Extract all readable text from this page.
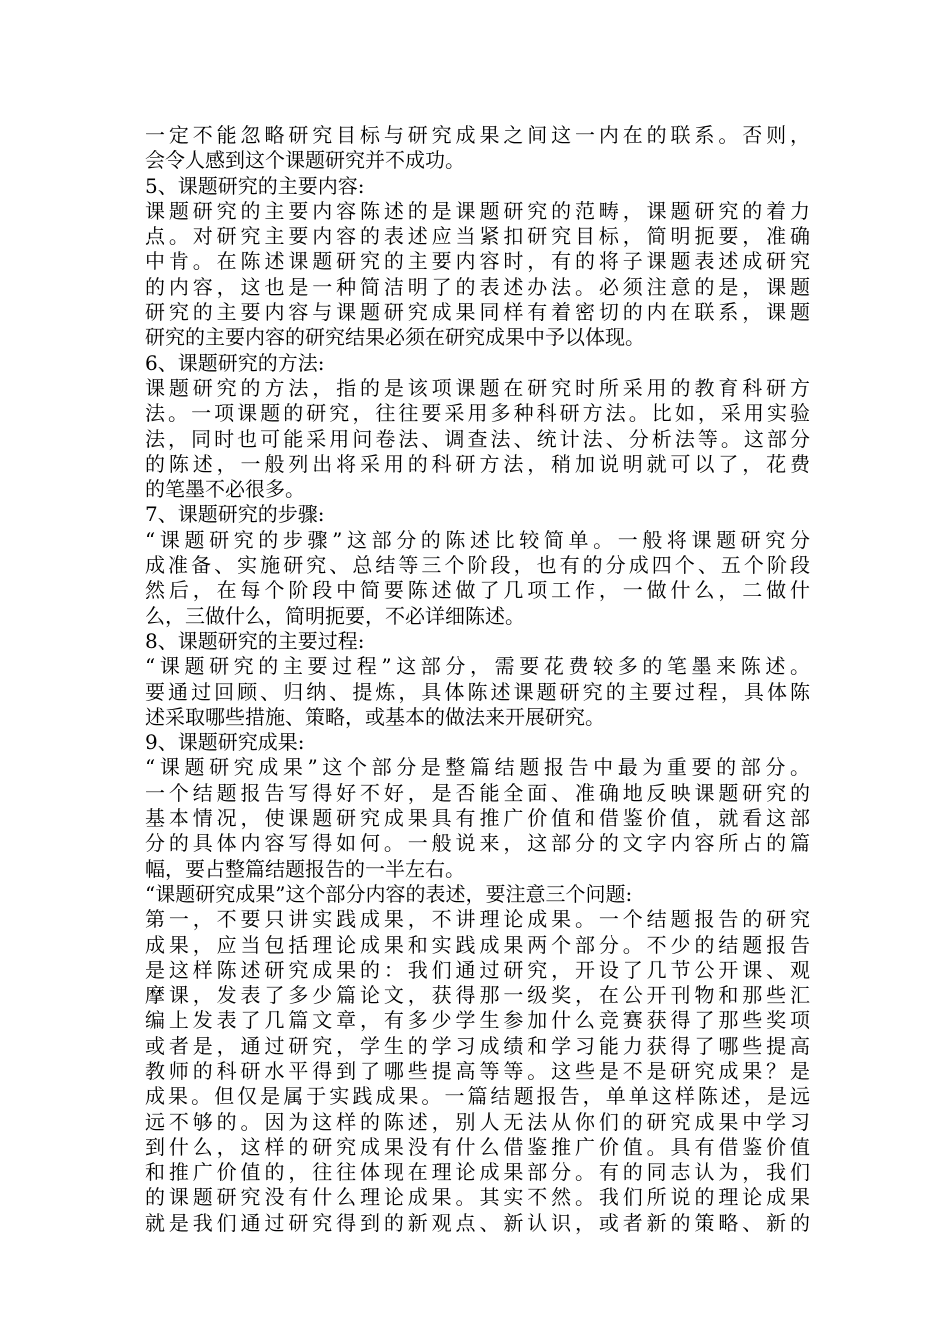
一定不能忽略研究目标与研究成果之间这一内在的联系。否则，
会令人感到这个课题研究并不成功。
5、课题研究的主要内容:
课题研究的主要内容陈述的是课题研究的范畴，课题研究的着力
点。对研究主要内容的表述应当紧扣研究目标，简明扼要，准确
中肯。在陈述课题研究的主要内容时，有的将子课题表述成研究
的内容，这也是一种简洁明了的表述办法。必须注意的是，课题
研究的主要内容与课题研究成果同样有着密切的内在联系，课题
研究的主要内容的研究结果必须在研究成果中予以体现。
6、课题研究的方法:
课题研究的方法，指的是该项课题在研究时所采用的教育科研方
法。一项课题的研究，往往要采用多种科研方法。比如，采用实验
法，同时也可能采用问卷法、调查法、统计法、分析法等。这部分
的陈述，一般列出将采用的科研方法，稍加说明就可以了，花费
的笔墨不必很多。
7、课题研究的步骤:
“课题研究的步骤”这部分的陈述比较简单。一般将课题研究分
成准备、实施研究、总结等三个阶段，也有的分成四个、五个阶段
然后，在每个阶段中简要陈述做了几项工作，一做什么，二做什
么，三做什么，简明扼要，不必详细陈述。
8、课题研究的主要过程:
“课题研究的主要过程”这部分，需要花费较多的笔墨来陈述。
要通过回顾、归纳、提炼，具体陈述课题研究的主要过程，具体陈
述采取哪些措施、策略，或基本的做法来开展研究。
9、课题研究成果:
“课题研究成果”这个部分是整篇结题报告中最为重要的部分。
一个结题报告写得好不好，是否能全面、准确地反映课题研究的
基本情况，使课题研究成果具有推广价值和借鉴价值，就看这部
分的具体内容写得如何。一般说来，这部分的文字内容所占的篇
幅，要占整篇结题报告的一半左右。
“课题研究成果”这个部分内容的表述，要注意三个问题:
第一，不要只讲实践成果，不讲理论成果。一个结题报告的研究
成果，应当包括理论成果和实践成果两个部分。不少的结题报告
是这样陈述研究成果的：我们通过研究，开设了几节公开课、观
摩课，发表了多少篇论文，获得那一级奖，在公开刊物和那些汇
编上发表了几篇文章，有多少学生参加什么竞赛获得了那些奖项
或者是，通过研究，学生的学习成绩和学习能力获得了哪些提高
教师的科研水平得到了哪些提高等等。这些是不是研究成果？是
成果。但仅是属于实践成果。一篇结题报告，单单这样陈述，是远
远不够的。因为这样的陈述，别人无法从你们的研究成果中学习
到什么，这样的研究成果没有什么借鉴推广价值。具有借鉴价值
和推广价值的，往往体现在理论成果部分。有的同志认为，我们
的课题研究没有什么理论成果。其实不然。我们所说的理论成果
就是我们通过研究得到的新观点、新认识，或者新的策略、新的
